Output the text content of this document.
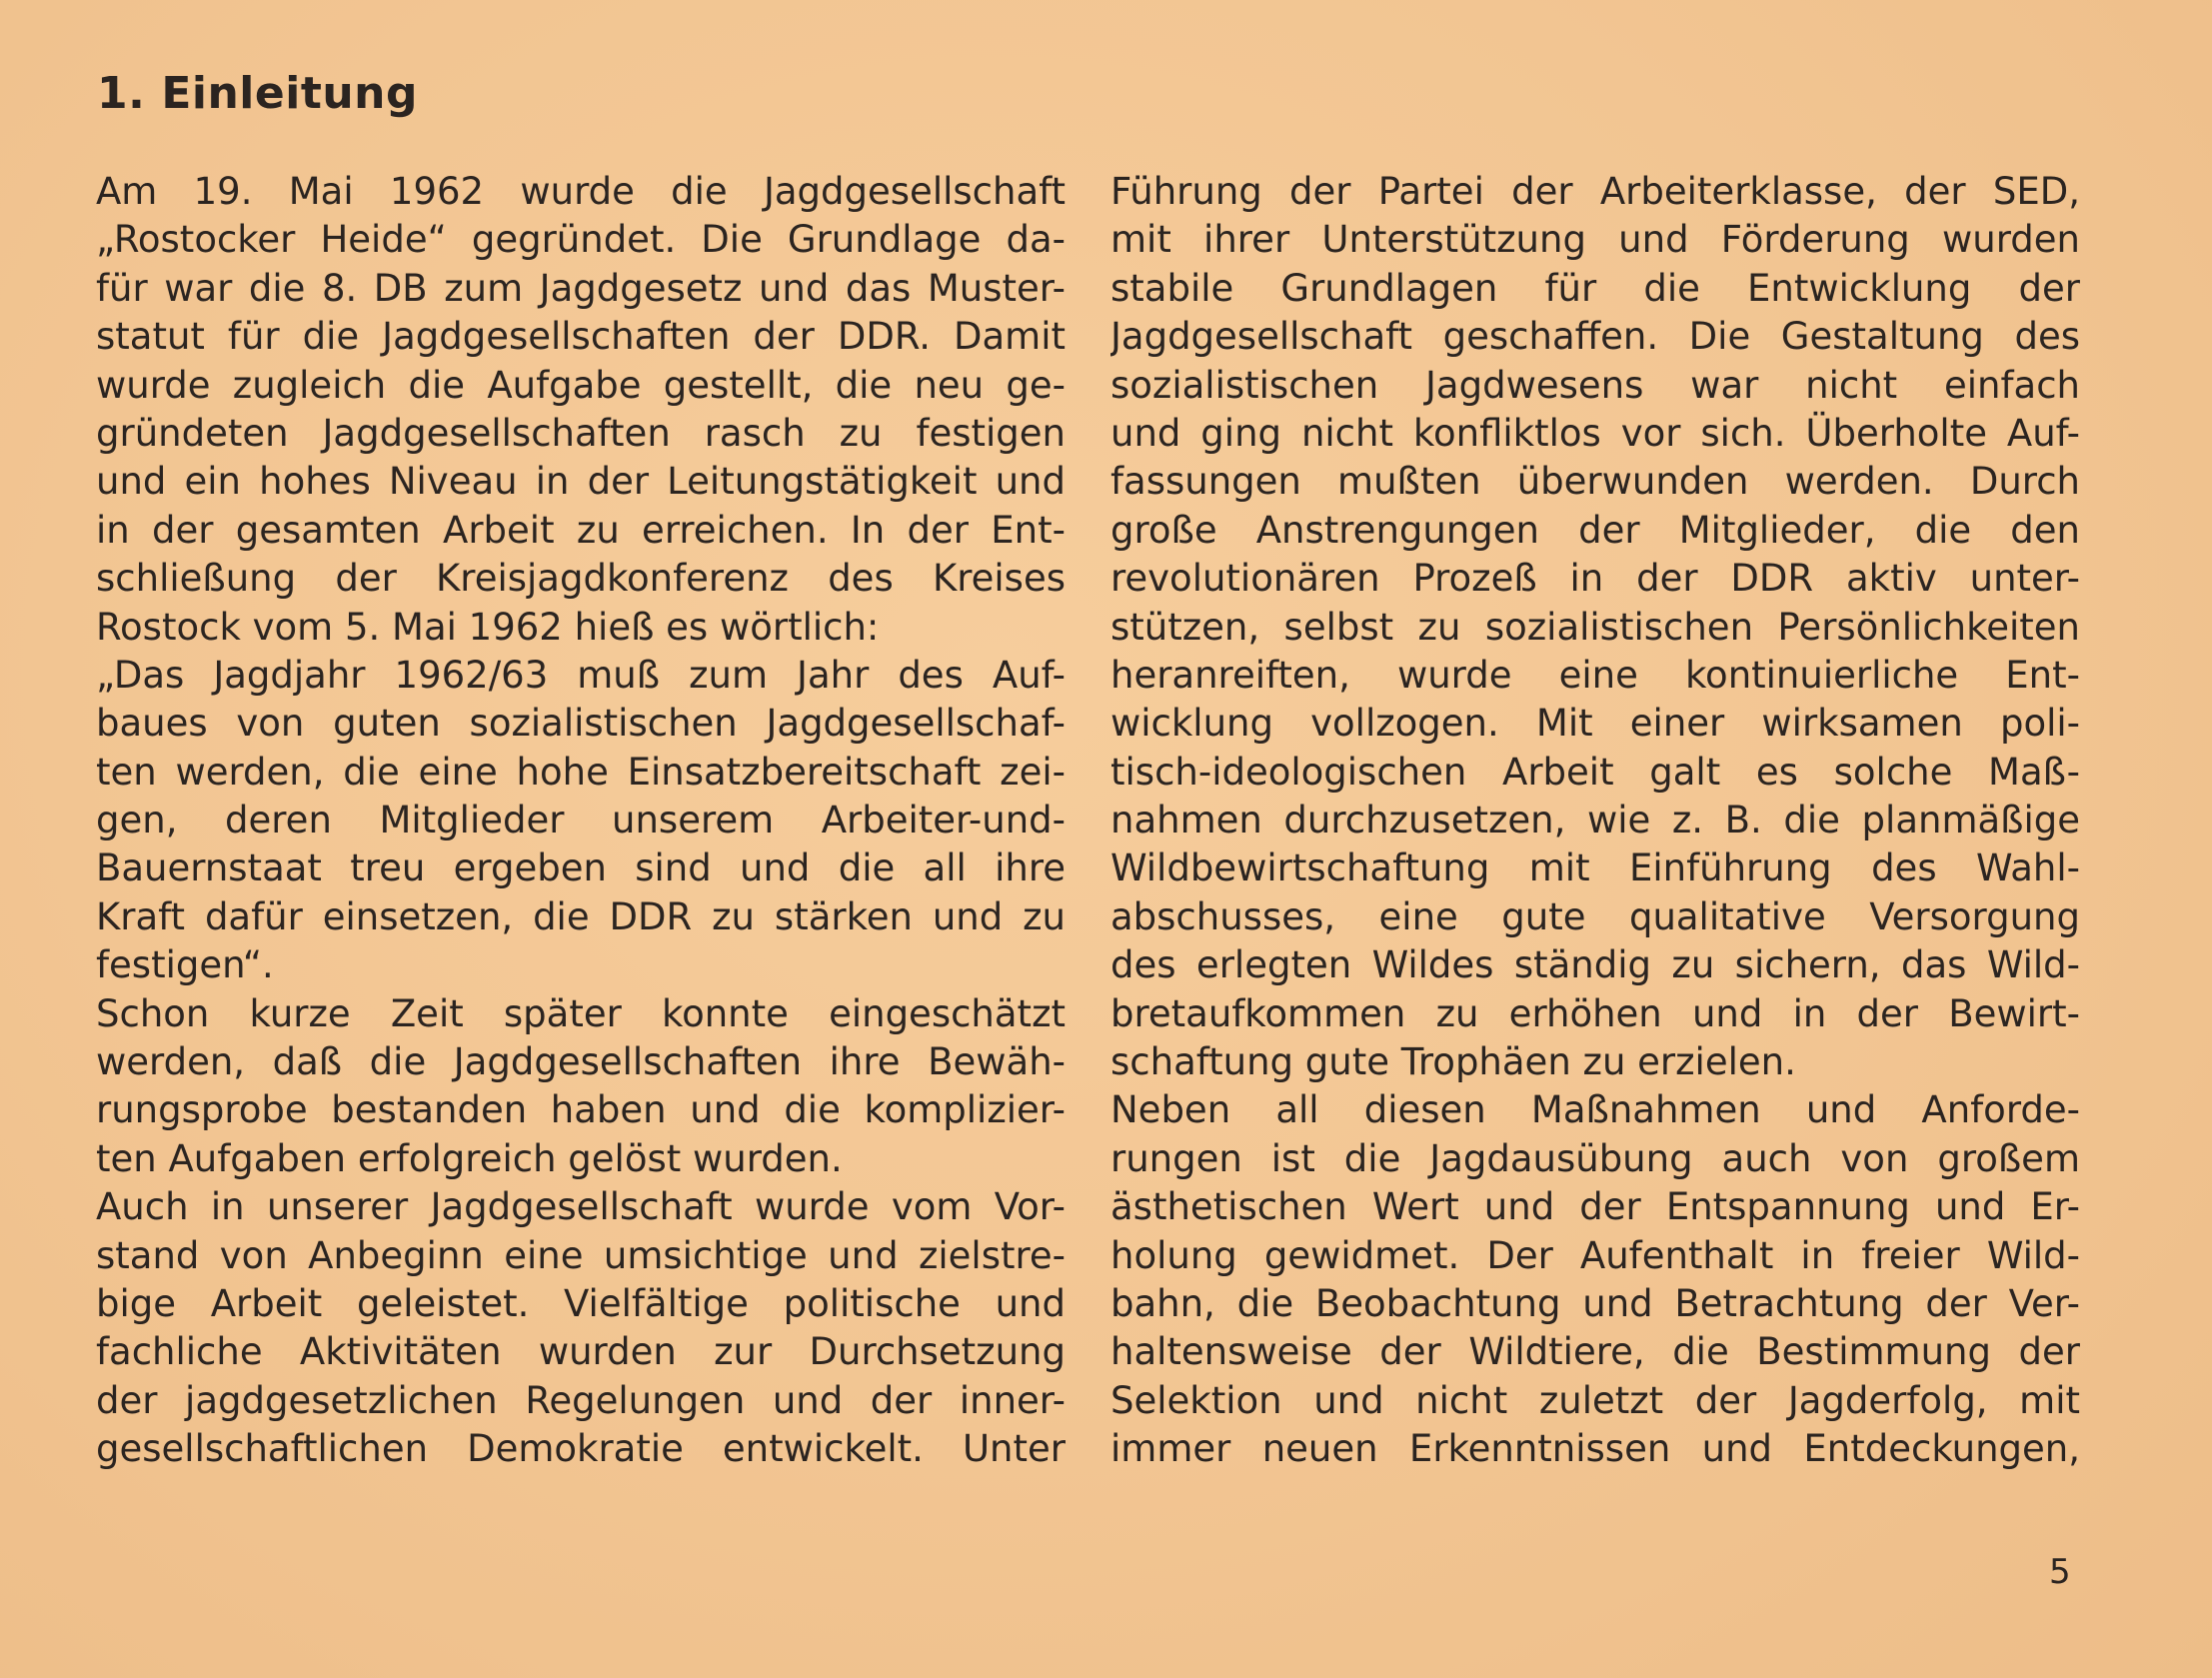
1. Einleitung
Am 19. Mai 1962 wurde die Jagdgesellschaft
„Rostocker Heide“ gegründet. Die Grundlage da-
für war die 8. DB zum Jagdgesetz und das Muster-
statut für die Jagdgesellschaften der DDR. Damit
wurde zugleich die Aufgabe gestellt, die neu ge-
gründeten Jagdgesellschaften rasch zu festigen
und ein hohes Niveau in der Leitungstätigkeit und
in der gesamten Arbeit zu erreichen. In der Ent-
schließung der Kreisjagdkonferenz des Kreises
Rostock vom 5. Mai 1962 hieß es wörtlich:
„Das Jagdjahr 1962/63 muß zum Jahr des Auf-
baues von guten sozialistischen Jagdgesellschaf-
ten werden, die eine hohe Einsatzbereitschaft zei-
gen, deren Mitglieder unserem Arbeiter-und-
Bauernstaat treu ergeben sind und die all ihre
Kraft dafür einsetzen, die DDR zu stärken und zu
festigen“.
Schon kurze Zeit später konnte eingeschätzt
werden, daß die Jagdgesellschaften ihre Bewäh-
rungsprobe bestanden haben und die komplizier-
ten Aufgaben erfolgreich gelöst wurden.
Auch in unserer Jagdgesellschaft wurde vom Vor-
stand von Anbeginn eine umsichtige und zielstre-
bige Arbeit geleistet. Vielfältige politische und
fachliche Aktivitäten wurden zur Durchsetzung
der jagdgesetzlichen Regelungen und der inner-
gesellschaftlichen Demokratie entwickelt. Unter
Führung der Partei der Arbeiterklasse, der SED,
mit ihrer Unterstützung und Förderung wurden
stabile Grundlagen für die Entwicklung der
Jagdgesellschaft geschaffen. Die Gestaltung des
sozialistischen Jagdwesens war nicht einfach
und ging nicht konfliktlos vor sich. Überholte Auf-
fassungen mußten überwunden werden. Durch
große Anstrengungen der Mitglieder, die den
revolutionären Prozeß in der DDR aktiv unter-
stützen, selbst zu sozialistischen Persönlichkeiten
heranreiften, wurde eine kontinuierliche Ent-
wicklung vollzogen. Mit einer wirksamen poli-
tisch-ideologischen Arbeit galt es solche Maß-
nahmen durchzusetzen, wie z. B. die planmäßige
Wildbewirtschaftung mit Einführung des Wahl-
abschusses, eine gute qualitative Versorgung
des erlegten Wildes ständig zu sichern, das Wild-
bretaufkommen zu erhöhen und in der Bewirt-
schaftung gute Trophäen zu erzielen.
Neben all diesen Maßnahmen und Anforde-
rungen ist die Jagdausübung auch von großem
ästhetischen Wert und der Entspannung und Er-
holung gewidmet. Der Aufenthalt in freier Wild-
bahn, die Beobachtung und Betrachtung der Ver-
haltensweise der Wildtiere, die Bestimmung der
Selektion und nicht zuletzt der Jagderfolg, mit
immer neuen Erkenntnissen und Entdeckungen,
5
